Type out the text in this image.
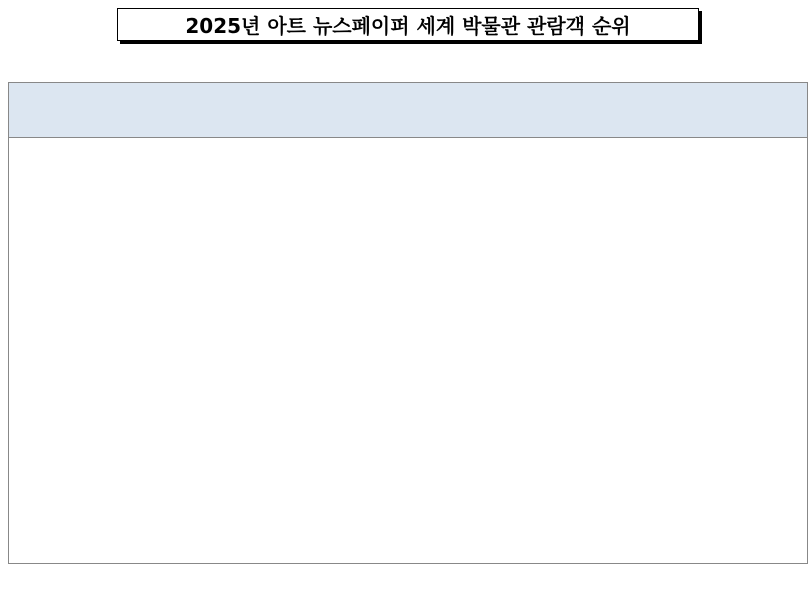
2025년 아트 뉴스페이퍼 세계 박물관 관람객 순위
